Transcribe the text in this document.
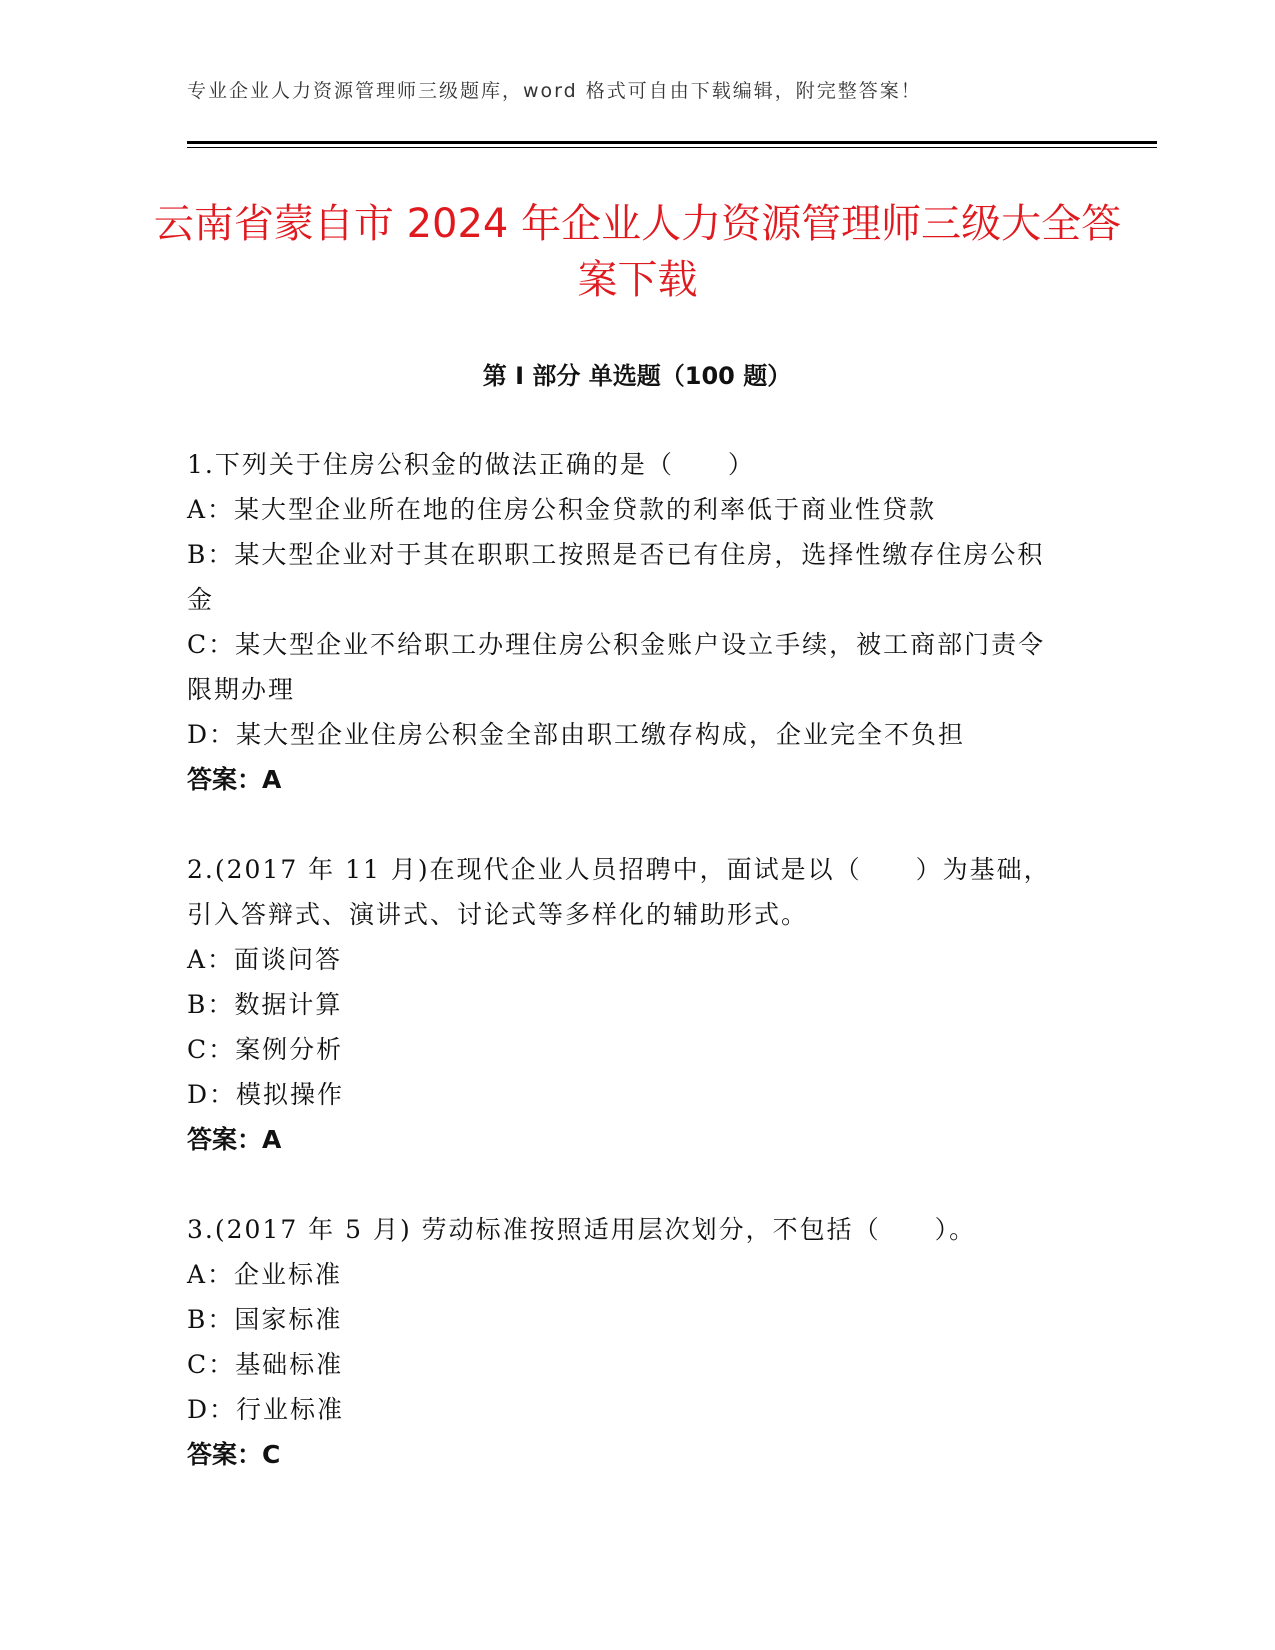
专业企业人力资源管理师三级题库，word 格式可自由下载编辑，附完整答案！
云南省蒙自市 2024 年企业人力资源管理师三级大全答案下载
第 I 部分 单选题（100 题）

1.下列关于住房公积金的做法正确的是（　　）

A：某大型企业所在地的住房公积金贷款的利率低于商业性贷款

B：某大型企业对于其在职职工按照是否已有住房，选择性缴存住房公积金

C：某大型企业不给职工办理住房公积金账户设立手续，被工商部门责令限期办理

D：某大型企业住房公积金全部由职工缴存构成，企业完全不负担

答案：A

2.(2017 年 11 月)在现代企业人员招聘中，面试是以（　　）为基础，引入答辩式、演讲式、讨论式等多样化的辅助形式。

A：面谈问答

B：数据计算

C：案例分析

D：模拟操作

答案：A

3.(2017 年 5 月) 劳动标准按照适用层次划分，不包括（　　）。

A：企业标准

B：国家标准

C：基础标准

D：行业标准

答案：C
